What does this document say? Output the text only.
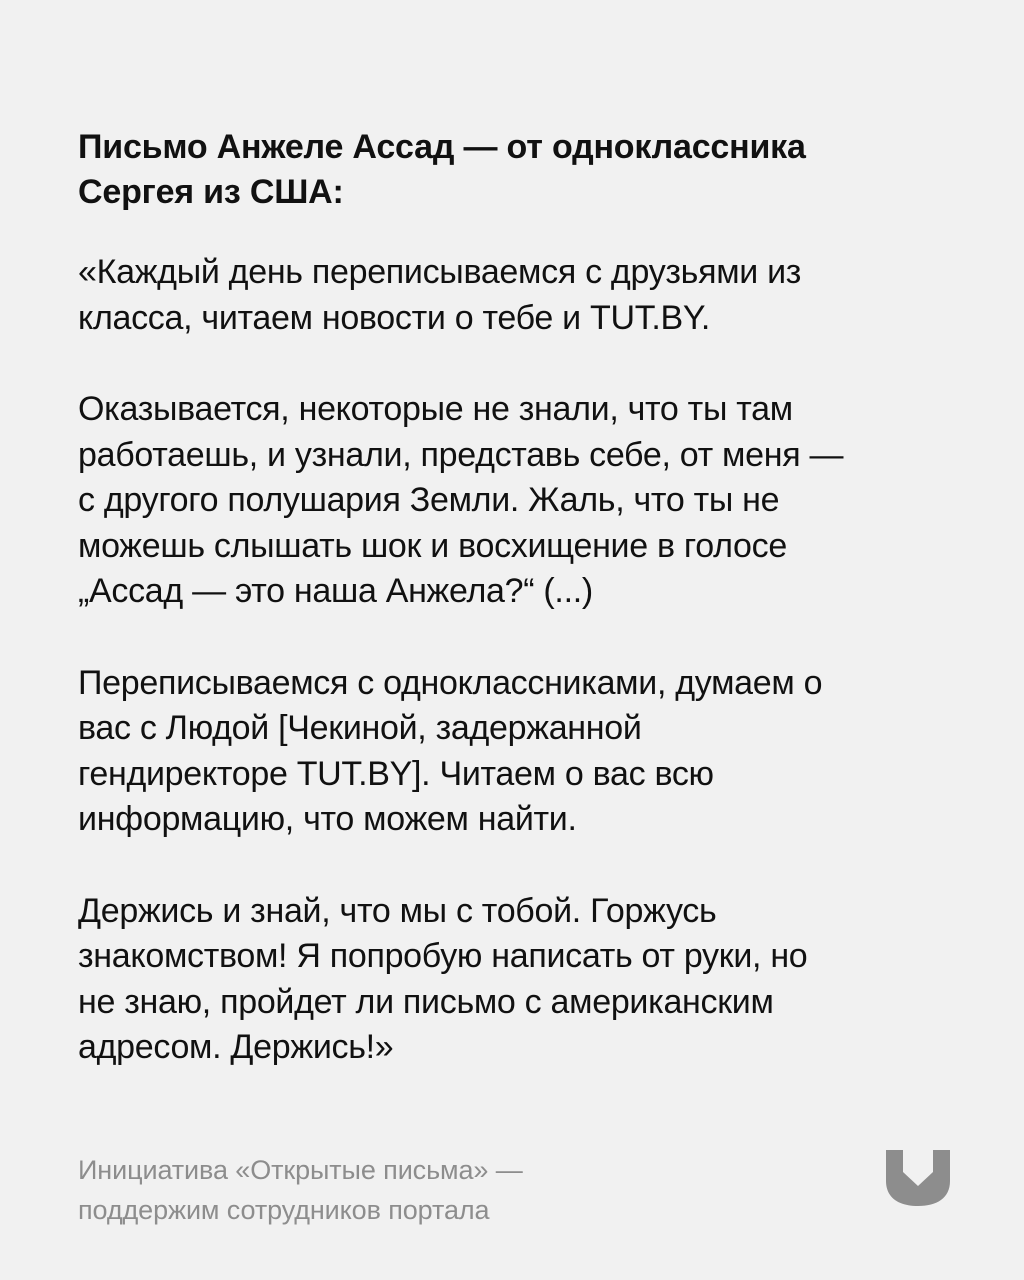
Письмо Анжеле Ассад — от одноклассника
Сергея из США:

«Каждый день переписываемся с друзьями из
класса, читаем новости о тебе и TUT.BY.

Оказывается, некоторые не знали, что ты там
работаешь, и узнали, представь себе, от меня —
с другого полушария Земли. Жаль, что ты не
можешь слышать шок и восхищение в голосе
„Ассад — это наша Анжела?“ (...)

Переписываемся с одноклассниками, думаем о
вас с Людой [Чекиной, задержанной
гендиректоре TUT.BY]. Читаем о вас всю
информацию, что можем найти.

Держись и знай, что мы с тобой. Горжусь
знакомством! Я попробую написать от руки, но
не знаю, пройдет ли письмо с американским
адресом. Держись!»

Инициатива «Открытые письма» —
поддержим сотрудников портала
